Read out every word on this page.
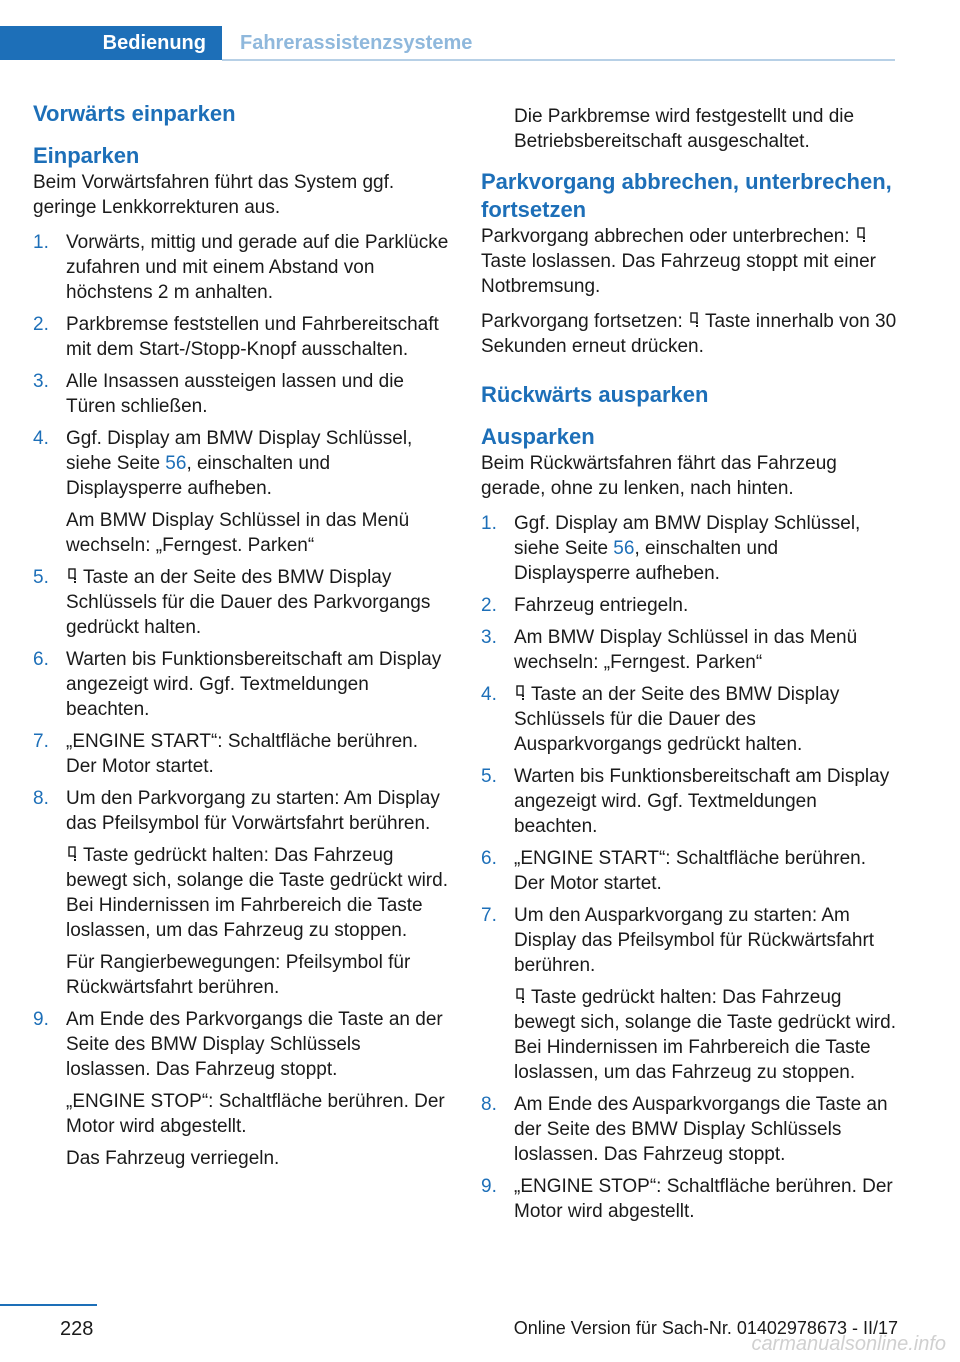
Bedienung Fahrerassistenzsysteme
Vorwärts einparken
Einparken

Beim Vorwärtsfahren führt das System ggf. geringe Lenkkorrekturen aus.

1. Vorwärts, mittig und gerade auf die Parklücke zufahren und mit einem Abstand von höchstens 2 m anhalten.
2. Parkbremse feststellen und Fahrbereitschaft mit dem Start-/Stopp-Knopf ausschalten.
3. Alle Insassen aussteigen lassen und die Türen schließen.
4. Ggf. Display am BMW Display Schlüssel, siehe Seite 56, einschalten und Displaysperre aufheben.

Am BMW Display Schlüssel in das Menü wechseln: „Ferngest. Parken“

5. Taste an der Seite des BMW Display Schlüssels für die Dauer des Parkvorgangs gedrückt halten.
6. Warten bis Funktionsbereitschaft am Display angezeigt wird. Ggf. Textmeldungen beachten.
7. „ENGINE START“: Schaltfläche berühren. Der Motor startet.
8. Um den Parkvorgang zu starten: Am Display das Pfeilsymbol für Vorwärtsfahrt berühren.

Taste gedrückt halten: Das Fahrzeug bewegt sich, solange die Taste gedrückt wird. Bei Hindernissen im Fahrbereich die Taste loslassen, um das Fahrzeug zu stoppen.

Für Rangierbewegungen: Pfeilsymbol für Rückwärtsfahrt berühren.

9. Am Ende des Parkvorgangs die Taste an der Seite des BMW Display Schlüssels loslassen. Das Fahrzeug stoppt.

„ENGINE STOP“: Schaltfläche berühren. Der Motor wird abgestellt.

Das Fahrzeug verriegeln.

Die Parkbremse wird festgestellt und die Betriebsbereitschaft ausgeschaltet.

Parkvorgang abbrechen, unterbrechen, fortsetzen

Parkvorgang abbrechen oder unterbrechen: Taste loslassen. Das Fahrzeug stoppt mit einer Notbremsung.

Parkvorgang fortsetzen: Taste innerhalb von 30 Sekunden erneut drücken.

Rückwärts ausparken
Ausparken

Beim Rückwärtsfahren fährt das Fahrzeug gerade, ohne zu lenken, nach hinten.

1. Ggf. Display am BMW Display Schlüssel, siehe Seite 56, einschalten und Displaysperre aufheben.
2. Fahrzeug entriegeln.
3. Am BMW Display Schlüssel in das Menü wechseln: „Ferngest. Parken“
4. Taste an der Seite des BMW Display Schlüssels für die Dauer des Ausparkvorgangs gedrückt halten.
5. Warten bis Funktionsbereitschaft am Display angezeigt wird. Ggf. Textmeldungen beachten.
6. „ENGINE START“: Schaltfläche berühren. Der Motor startet.
7. Um den Ausparkvorgang zu starten: Am Display das Pfeilsymbol für Rückwärtsfahrt berühren.

Taste gedrückt halten: Das Fahrzeug bewegt sich, solange die Taste gedrückt wird. Bei Hindernissen im Fahrbereich die Taste loslassen, um das Fahrzeug zu stoppen.

8. Am Ende des Ausparkvorgangs die Taste an der Seite des BMW Display Schlüssels loslassen. Das Fahrzeug stoppt.
9. „ENGINE STOP“: Schaltfläche berühren. Der Motor wird abgestellt.
228	Online Version für Sach-Nr. 01402978673 - II/17
carmanualsonline.info
